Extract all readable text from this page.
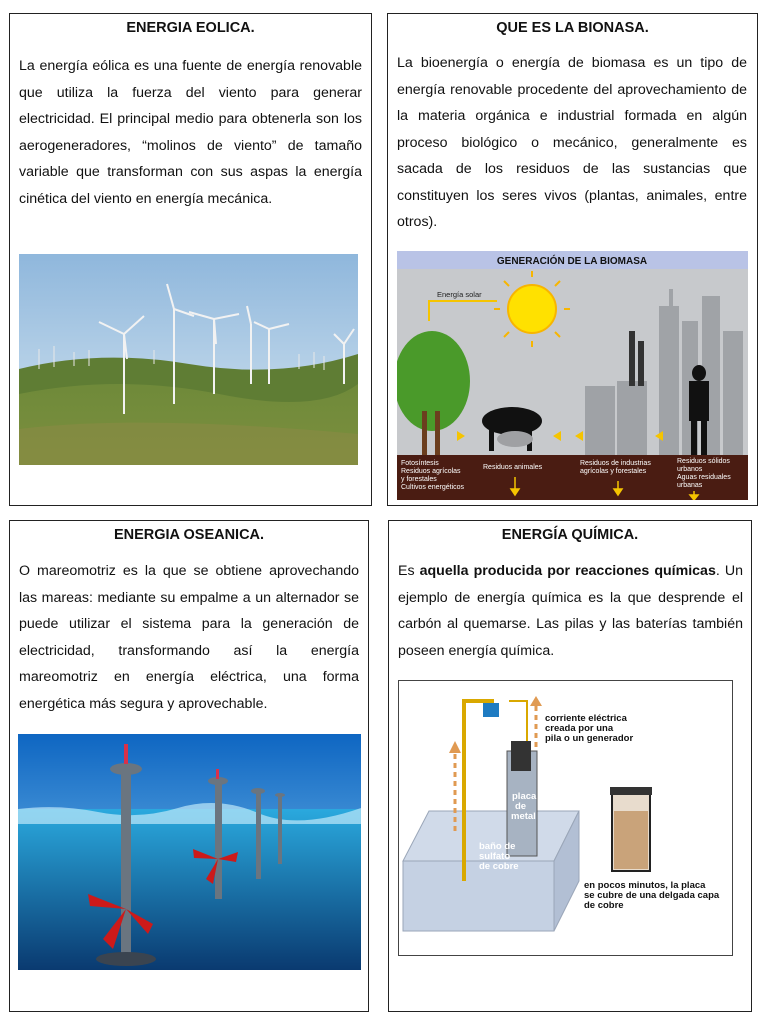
ENERGIA EOLICA.
La energía eólica es una fuente de energía renovable que utiliza la fuerza del viento para generar electricidad. El principal medio para obtenerla son los aerogeneradores, “molinos de viento” de tamaño variable que transforman con sus aspas la energía cinética del viento en energía mecánica.
QUE ES LA BIONASA.
La bioenergía o energía de biomasa es un tipo de energía renovable procedente del aprovechamiento de la materia orgánica e industrial formada en algún proceso biológico o mecánico, generalmente es sacada de los residuos de las sustancias que constituyen los seres vivos (plantas, animales, entre otros).
GENERACIÓN DE LA BIOMASA
Energía solar
Fotosíntesis Residuos agrícolas y forestales Cultivos energéticos
Residuos animales
Residuos de industrias agrícolas y forestales
Residuos sólidos urbanos Aguas residuales urbanas
ENERGIA OSEANICA.
O mareomotriz es la que se obtiene aprovechando las mareas: mediante su empalme a un alternador se puede utilizar el sistema para la generación de electricidad, transformando así la energía mareomotriz en energía eléctrica, una forma energética más segura y aprovechable.
ENERGÍA QUÍMICA.
Es aquella producida por reacciones químicas. Un ejemplo de energía química es la que desprende el carbón al quemarse. Las pilas y las baterías también poseen energía química.
corriente eléctrica
creada por una
pila o un generador
placa
de
metal
baño de
sulfato
de cobre
en pocos minutos, la placa
se cubre de una delgada capa
de cobre
